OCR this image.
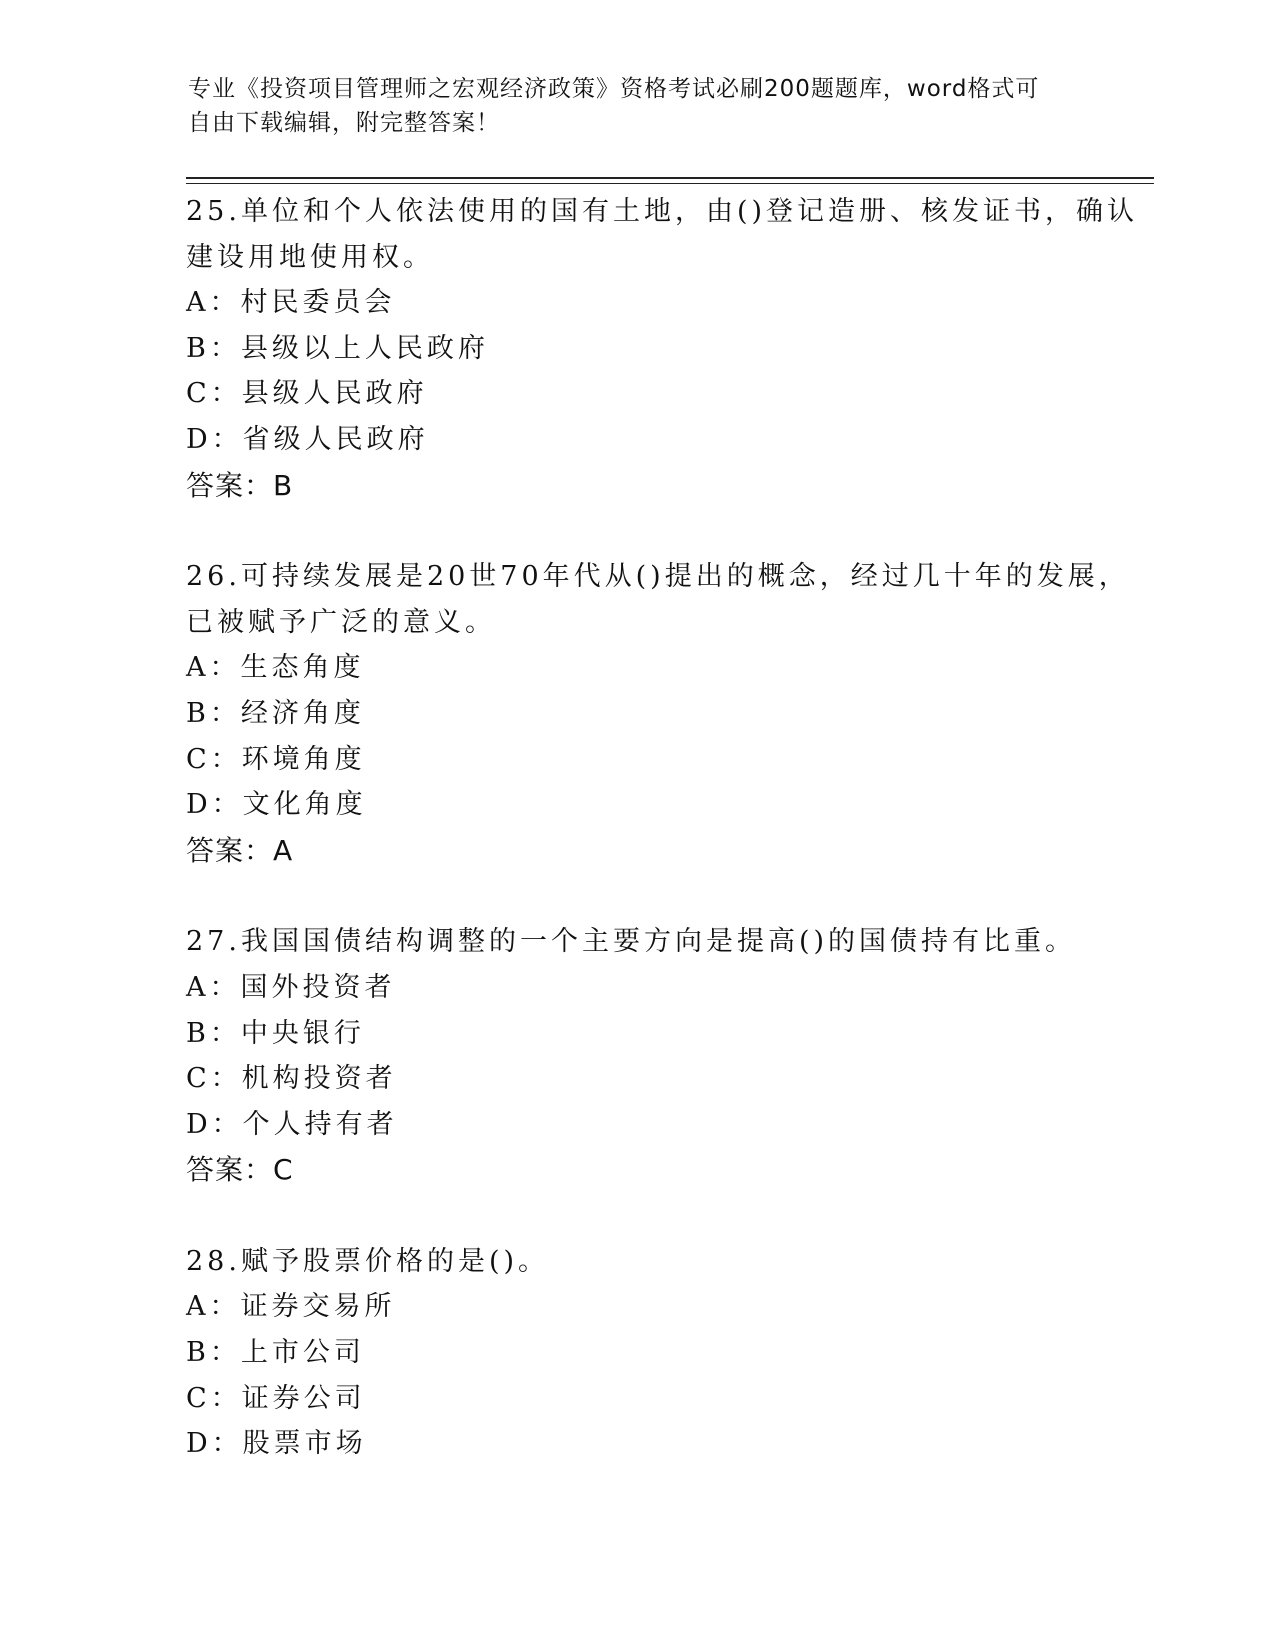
专业《投资项目管理师之宏观经济政策》资格考试必刷200题题库，word格式可
自由下载编辑，附完整答案！
25.单位和个人依法使用的国有土地，由()登记造册、核发证书，确认
建设用地使用权。
A：村民委员会
B：县级以上人民政府
C：县级人民政府
D：省级人民政府
答案：B
26.可持续发展是20世70年代从()提出的概念，经过几十年的发展，
已被赋予广泛的意义。
A：生态角度
B：经济角度
C：环境角度
D：文化角度
答案：A
27.我国国债结构调整的一个主要方向是提高()的国债持有比重。
A：国外投资者
B：中央银行
C：机构投资者
D：个人持有者
答案：C
28.赋予股票价格的是()。
A：证券交易所
B：上市公司
C：证券公司
D：股票市场
